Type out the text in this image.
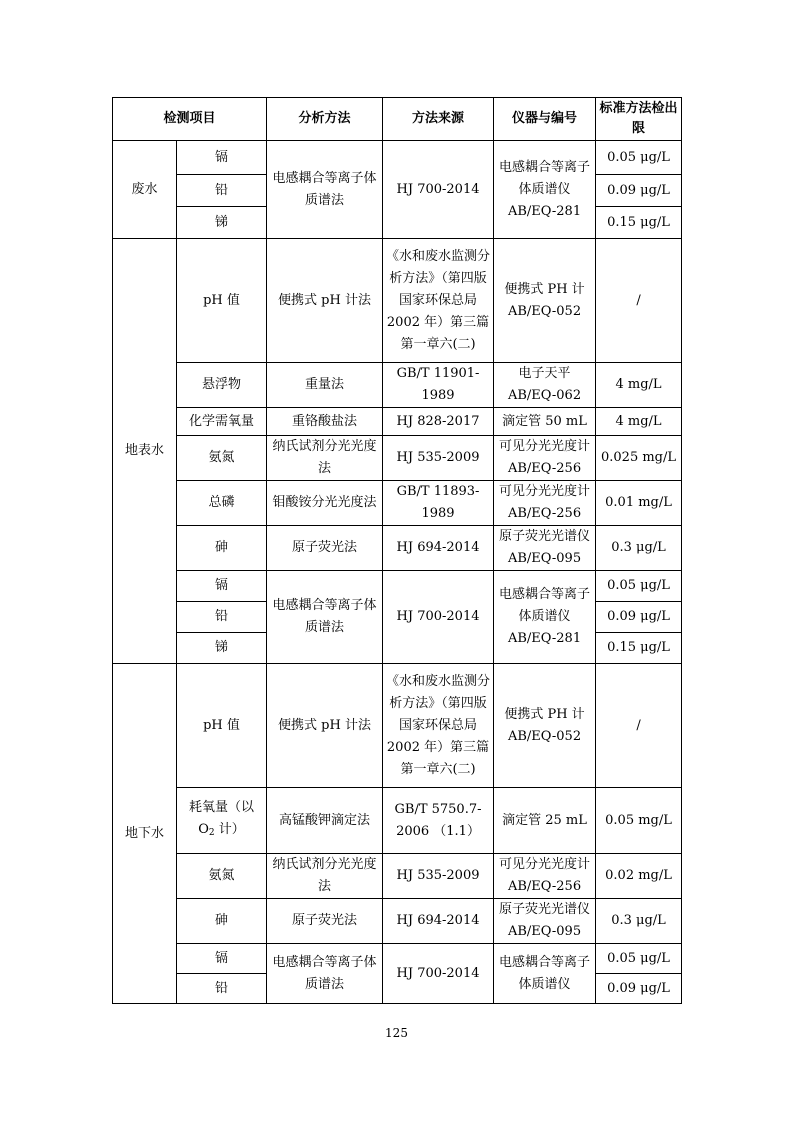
检测项目		分析方法	方法来源	仪器与编号	标准方法检出限
废水	镉	电感耦合等离子体质谱法	HJ 700-2014	电感耦合等离子体质谱仪AB/EQ-281	0.05 μg/L
	铅				0.09 μg/L
	锑				0.15 μg/L
地表水	pH 值	便携式 pH 计法	《水和废水监测分析方法》（第四版 国家环保总局 2002 年）第三篇第一章六(二)	便携式 PH 计AB/EQ-052	/
	悬浮物	重量法	GB/T 11901-1989	电子天平AB/EQ-062	4 mg/L
	化学需氧量	重铬酸盐法	HJ 828-2017	滴定管 50 mL	4 mg/L
	氨氮	纳氏试剂分光光度法	HJ 535-2009	可见分光光度计 AB/EQ-256	0.025 mg/L
	总磷	钼酸铵分光光度法	GB/T 11893-1989	可见分光光度计 AB/EQ-256	0.01 mg/L
	砷	原子荧光法	HJ 694-2014	原子荧光光谱仪 AB/EQ-095	0.3 μg/L
	镉	电感耦合等离子体质谱法	HJ 700-2014	电感耦合等离子体质谱仪AB/EQ-281	0.05 μg/L
	铅				0.09 μg/L
	锑				0.15 μg/L
地下水	pH 值	便携式 pH 计法	《水和废水监测分析方法》（第四版 国家环保总局 2002 年）第三篇第一章六(二)	便携式 PH 计AB/EQ-052	/
	耗氧量（以 $O_2$ 计）	高锰酸钾滴定法	GB/T 5750.7-2006 （1.1）	滴定管 25 mL	0.05 mg/L
	氨氮	纳氏试剂分光光度法	HJ 535-2009	可见分光光度计 AB/EQ-256	0.02 mg/L
	砷	原子荧光法	HJ 694-2014	原子荧光光谱仪 AB/EQ-095	0.3 μg/L
	镉	电感耦合等离子体质谱法	HJ 700-2014	电感耦合等离子体质谱仪	0.05 μg/L
	铅				0.09 μg/L
125
